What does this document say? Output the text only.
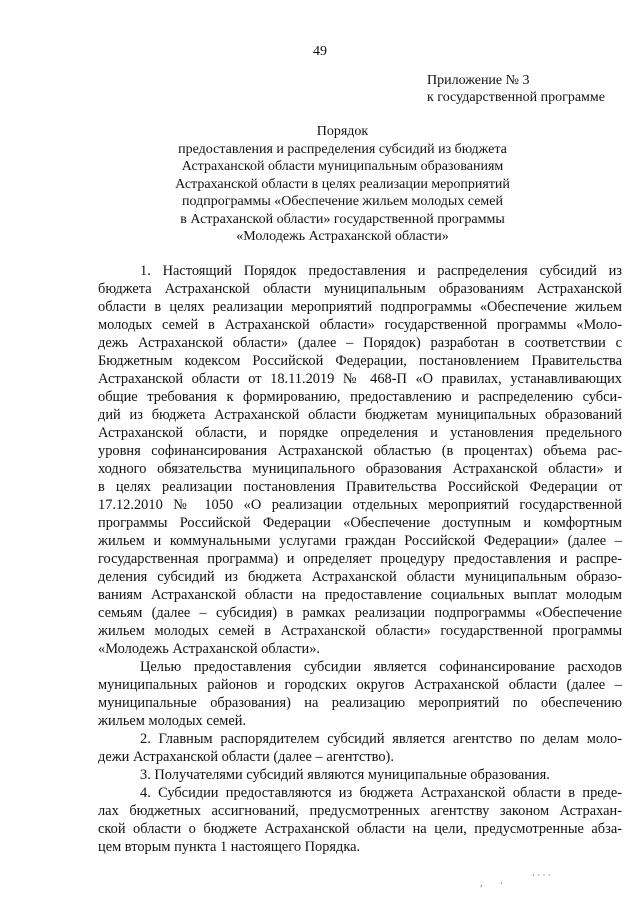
49
Приложение № 3
к государственной программе
Порядок
предоставления и распределения субсидий из бюджета
Астраханской области муниципальным образованиям
Астраханской области в целях реализации мероприятий
подпрограммы «Обеспечение жильем молодых семей
в Астраханской области» государственной программы
«Молодежь Астраханской области»
1. Настоящий Порядок предоставления и распределения субсидий из
бюджета Астраханской области муниципальным образованиям Астраханской
области в целях реализации мероприятий подпрограммы «Обеспечение жильем
молодых семей в Астраханской области» государственной программы «Моло-
дежь Астраханской области» (далее – Порядок) разработан в соответствии с
Бюджетным кодексом Российской Федерации, постановлением Правительства
Астраханской области от 18.11.2019 № 468-П «О правилах, устанавливающих
общие требования к формированию, предоставлению и распределению субси-
дий из бюджета Астраханской области бюджетам муниципальных образований
Астраханской области, и порядке определения и установления предельного
уровня софинансирования Астраханской областью (в процентах) объема рас-
ходного обязательства муниципального образования Астраханской области» и
в целях реализации постановления Правительства Российской Федерации от
17.12.2010 № 1050 «О реализации отдельных мероприятий государственной
программы Российской Федерации «Обеспечение доступным и комфортным
жильем и коммунальными услугами граждан Российской Федерации» (далее –
государственная программа) и определяет процедуру предоставления и распре-
деления субсидий из бюджета Астраханской области муниципальным образо-
ваниям Астраханской области на предоставление социальных выплат молодым
семьям (далее – субсидия) в рамках реализации подпрограммы «Обеспечение
жильем молодых семей в Астраханской области» государственной программы
«Молодежь Астраханской области».
Целью предоставления субсидии является софинансирование расходов
муниципальных районов и городских округов Астраханской области (далее –
муниципальные образования) на реализацию мероприятий по обеспечению
жильем молодых семей.
2. Главным распорядителем субсидий является агентство по делам моло-
дежи Астраханской области (далее – агентство).
3. Получателями субсидий являются муниципальные образования.
4. Субсидии предоставляются из бюджета Астраханской области в преде-
лах бюджетных ассигнований, предусмотренных агентству законом Астрахан-
ской области о бюджете Астраханской области на цели, предусмотренные абза-
цем вторым пункта 1 настоящего Порядка.
, ·
· · · ·
